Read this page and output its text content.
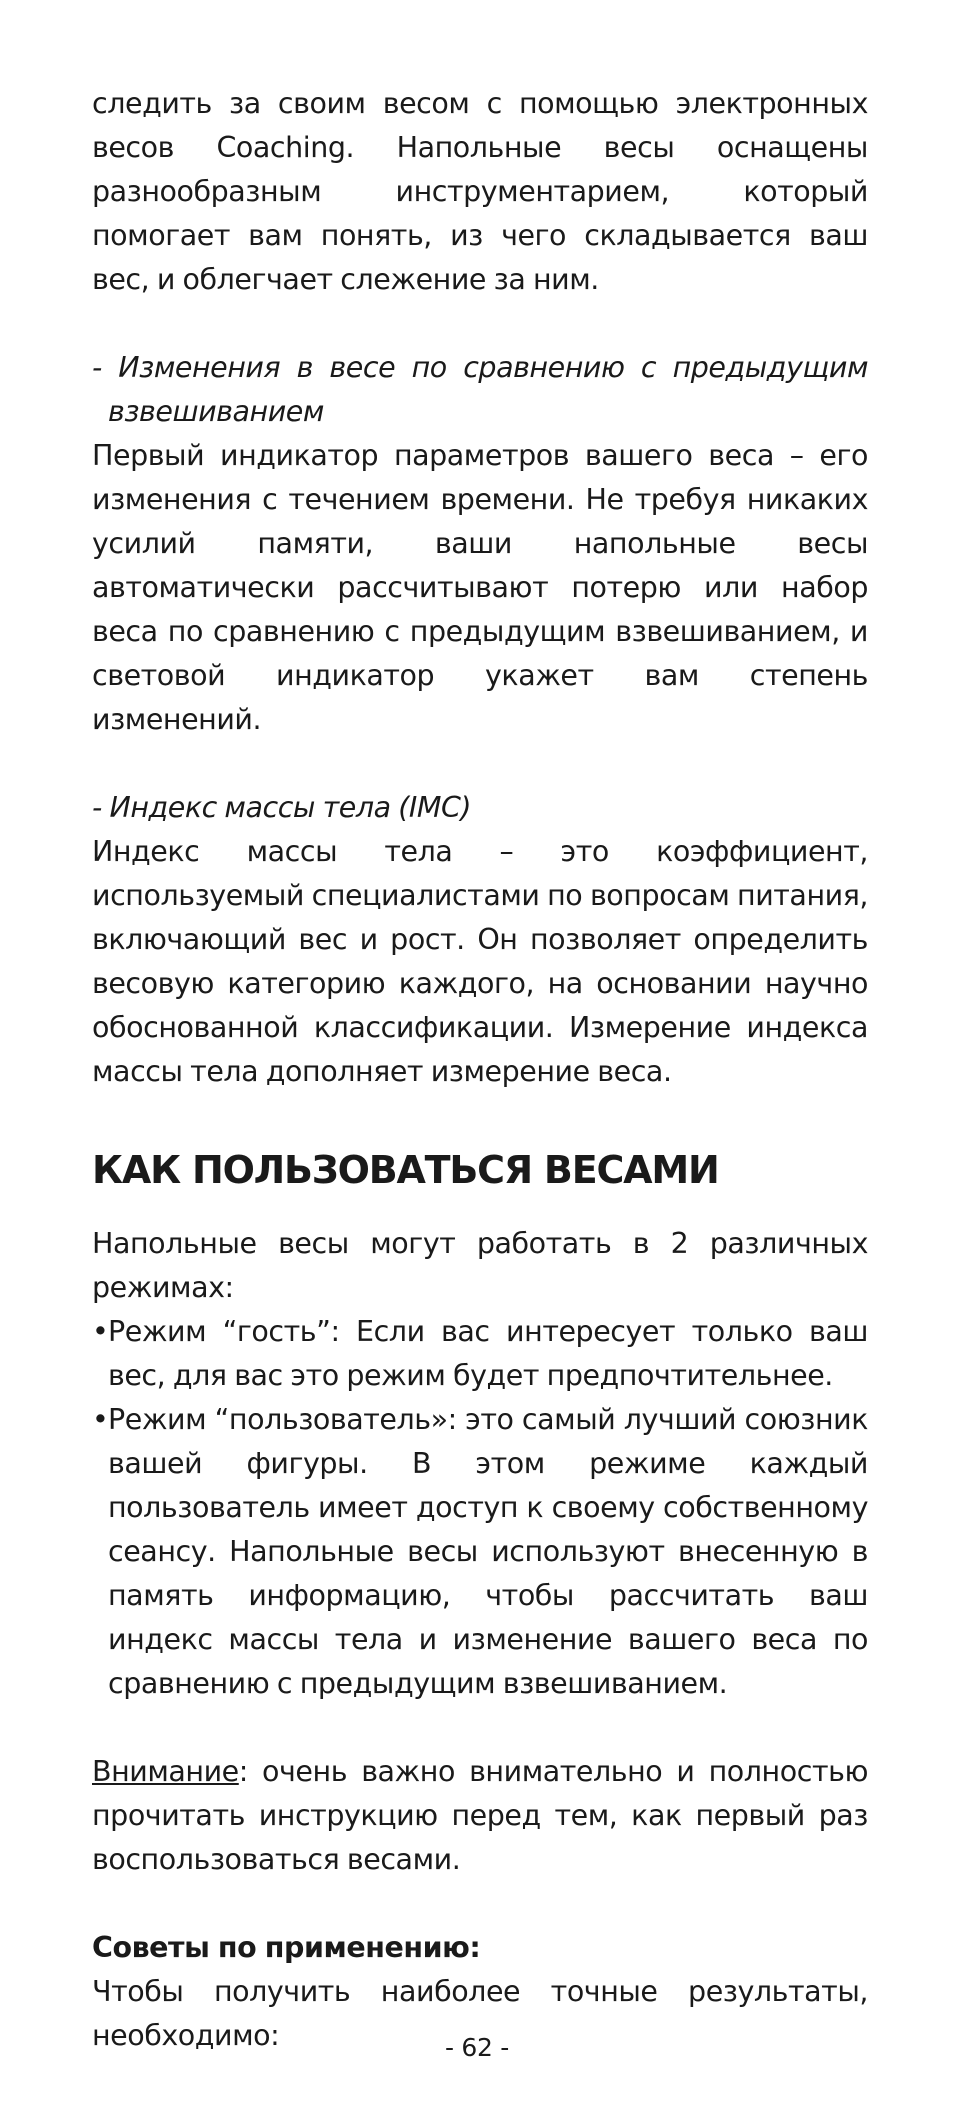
следить за своим весом с помощью электронных весов Coaching. Напольные весы оснащены разнообразным инструментарием, который помогает вам понять, из чего складывается ваш вес, и облегчает слежение за ним.

- Изменения в весе по сравнению с предыдущим взвешиванием

Первый индикатор параметров вашего веса – его изменения с течением времени. Не требуя никаких усилий памяти, ваши напольные весы автоматически рассчитывают потерю или набор веса по сравнению с предыдущим взвешиванием, и световой индикатор укажет вам степень изменений.

- Индекс массы тела (IMC)

Индекс массы тела – это коэффициент, используемый специалистами по вопросам питания, включающий вес и рост. Он позволяет определить весовую категорию каждого, на основании научно обоснованной классификации. Измерение индекса массы тела дополняет измерение веса.

КАК ПОЛЬЗОВАТЬСЯ ВЕСАМИ

Напольные весы могут работать в 2 различных режимах:

• Режим “гость”: Если вас интересует только ваш вес, для вас это режим будет предпочтительнее.
• Режим “пользователь»: это самый лучший союзник вашей фигуры. В этом режиме каждый пользователь имеет доступ к своему собственному сеансу. Напольные весы используют внесенную в память информацию, чтобы рассчитать ваш индекс массы тела и изменение вашего веса по сравнению с предыдущим взвешиванием.

Внимание: очень важно внимательно и полностью прочитать инструкцию перед тем, как первый раз воспользоваться весами.

Советы по применению:

Чтобы получить наиболее точные результаты, необходимо:	- 62 -
